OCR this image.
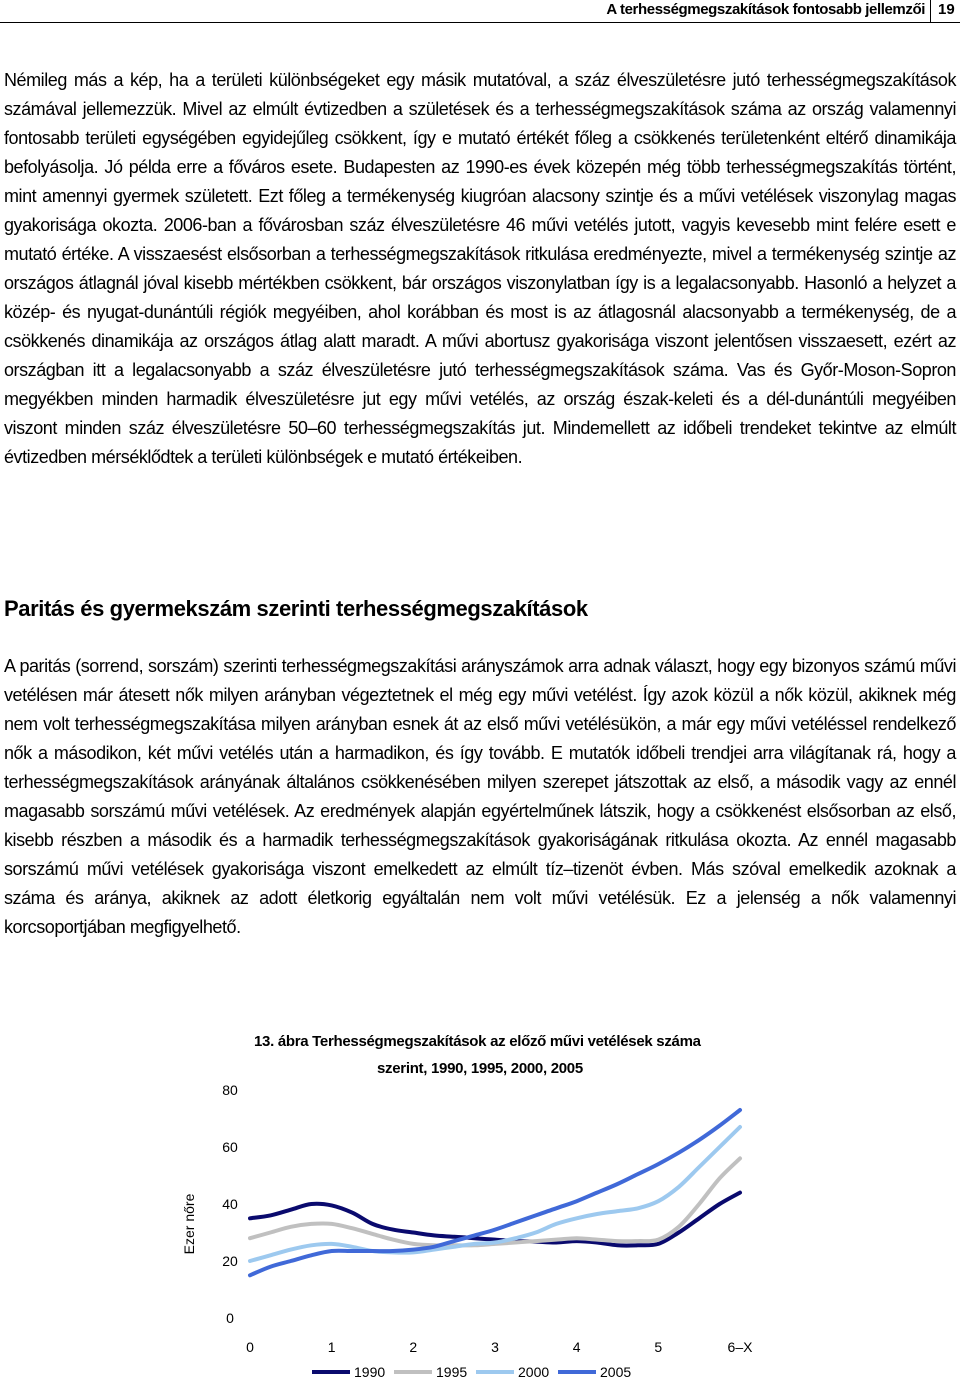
A terhességmegszakítások fontosabb jellemzői 19

Némileg más a kép, ha a területi különbségeket egy másik mutatóval, a száz élveszületésre jutó terhességmegszakítások számával jellemezzük. Mivel az elmúlt évtizedben a születések és a terhességmegszakítások száma az ország valamennyi fontosabb területi egységében egyidejűleg csökkent, így e mutató értékét főleg a csökkenés területenként eltérő dinamikája befolyásolja. Jó példa erre a főváros esete. Budapesten az 1990-es évek közepén még több terhességmegszakítás történt, mint amennyi gyermek született. Ezt főleg a termékenység kiugróan alacsony szintje és a művi vetélések viszonylag magas gyakorisága okozta. 2006-ban a fővárosban száz élveszületésre 46 művi vetélés jutott, vagyis kevesebb mint felére esett e mutató értéke. A visszaesést elsősorban a terhességmegszakítások ritkulása eredményezte, mivel a termékenység szintje az országos átlagnál jóval kisebb mértékben csökkent, bár országos viszonylatban így is a legalacsonyabb. Hasonló a helyzet a közép- és nyugat-dunántúli régiók megyéiben, ahol korábban és most is az átlagosnál alacsonyabb a termékenység, de a csökkenés dinamikája az országos átlag alatt maradt. A művi abortusz gyakorisága viszont jelentősen visszaesett, ezért az országban itt a legalacsonyabb a száz élveszületésre jutó terhességmegszakítások száma. Vas és Győr-Moson-Sopron megyékben minden harmadik élveszületésre jut egy művi vetélés, az ország észak-keleti és a dél-dunántúli megyéiben viszont minden száz élveszületésre 50–60 terhességmegszakítás jut. Mindemellett az időbeli trendeket tekintve az elmúlt évtizedben mérséklődtek a területi különbségek e mutató értékeiben.

Paritás és gyermekszám szerinti terhességmegszakítások

A paritás (sorrend, sorszám) szerinti terhességmegszakítási arányszámok arra adnak választ, hogy egy bizonyos számú művi vetélésen már átesett nők milyen arányban végeztetnek el még egy művi vetélést. Így azok közül a nők közül, akiknek még nem volt terhességmegszakítása milyen arányban esnek át az első művi vetélésükön, a már egy művi vetéléssel rendelkező nők a másodikon, két művi vetélés után a harmadikon, és így tovább. E mutatók időbeli trendjei arra világítanak rá, hogy a terhességmegszakítások arányának általános csökkenésében milyen szerepet játszottak az első, a második vagy az ennél magasabb sorszámú művi vetélések. Az eredmények alapján egyértelműnek látszik, hogy a csökkenést elsősorban az első, kisebb részben a második és a harmadik terhességmegszakítások gyakoriságának ritkulása okozta. Az ennél magasabb sorszámú művi vetélések gyakorisága viszont emelkedett az elmúlt tíz–tizenöt évben. Más szóval emelkedik azoknak a száma és aránya, akiknek az adott életkorig egyáltalán nem volt művi vetélésük. Ez a jelenség a nők valamennyi korcsoportjában megfigyelhető.

13. ábra Terhességmegszakítások az előző művi vetélések száma
szerint, 1990, 1995, 2000, 2005
0
20
40
60
80
Ezer nőre
0	1	2	3	4	5	6–X
1990	1995	2000	2005
